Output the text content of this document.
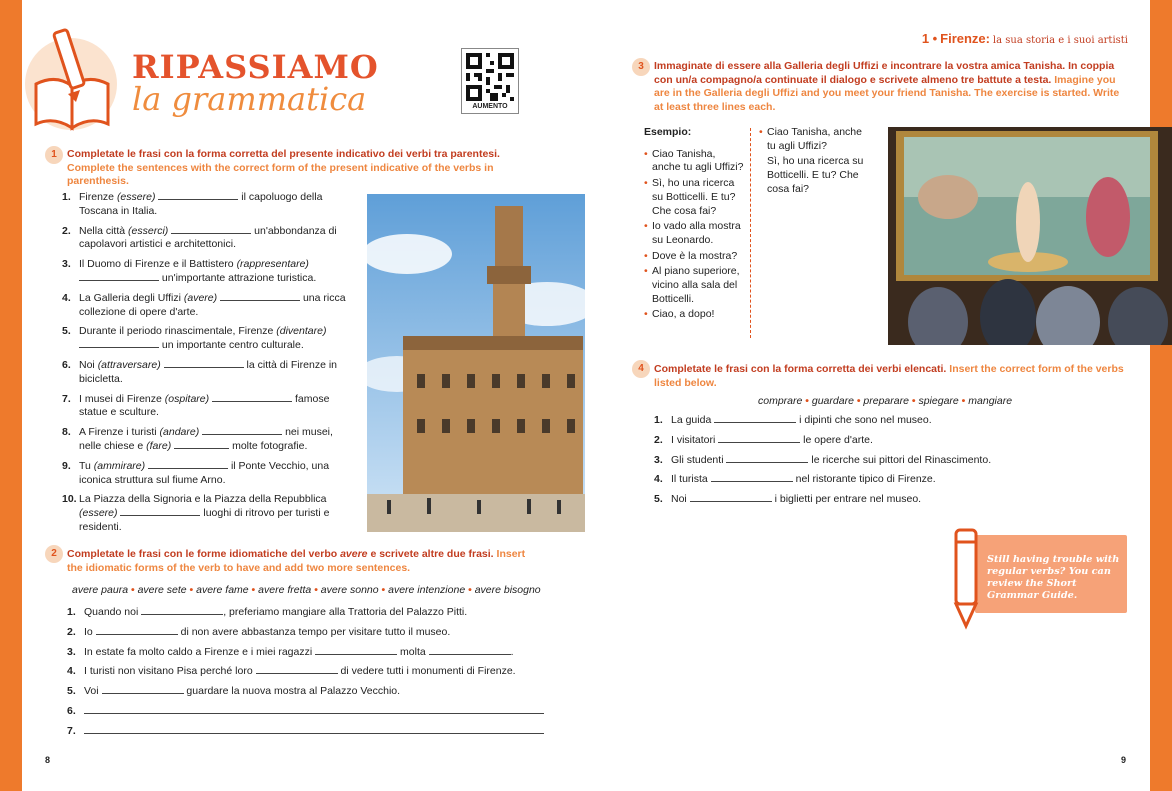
RIPASSIAMO
la grammatica	AUMENTO
1 Completate le frasi con la forma corretta del presente indicativo dei verbi tra parentesi. Complete the sentences with the correct form of the present indicative of the verbs in parenthesis.
1. Firenze (essere)	il capoluogo della Toscana in Italia.
2. Nella città (esserci)	un'abbondanza di capolavori artistici e architettonici.
3. Il Duomo di Firenze e il Battistero (rappresentare)  un'importante attrazione turistica.
4. La Galleria degli Uffizi (avere)	una ricca collezione di opere d'arte.
5. Durante il periodo rinascimentale, Firenze (diventare)  un importante centro culturale.
6. Noi (attraversare)	la città di Firenze in bicicletta.
7. I musei di Firenze (ospitare)	famose statue e sculture.
8. A Firenze i turisti (andare)	nei musei, nelle chiese e (fare)	molte fotografie.
9. Tu (ammirare)	il Ponte Vecchio, una iconica struttura sul fiume Arno.
10. La Piazza della Signoria e la Piazza della Repubblica (essere)	luoghi di ritrovo per turisti e residenti.
2 Completate le frasi con le forme idiomatiche del verbo avere e scrivete altre due frasi. Insert the idiomatic forms of the verb to have and add two more sentences.
avere paura • avere sete • avere fame • avere fretta • avere sonno • avere intenzione • avere bisogno
1. Quando noi	, preferiamo mangiare alla Trattoria del Palazzo Pitti.
2. Io	di non avere abbastanza tempo per visitare tutto il museo.
3. In estate fa molto caldo a Firenze e i miei ragazzi	molta	.
4. I turisti non visitano Pisa perché loro	di vedere tutti i monumenti di Firenze.
5. Voi	guardare la nuova mostra al Palazzo Vecchio.
6.
7.
8
1 • Firenze: la sua storia e i suoi artisti
3 Immaginate di essere alla Galleria degli Uffizi e incontrare la vostra amica Tanisha. In coppia con un/a compagno/a continuate il dialogo e scrivete almeno tre battute a testa. Imagine you are in the Galleria degli Uffizi and you meet your friend Tanisha. The exercise is started. Write at least three lines each.
Esempio:
• Ciao Tanisha, anche tu agli Uffizi?
• Sì, ho una ricerca su Botticelli. E tu? Che cosa fai?
• Io vado alla mostra su Leonardo.
• Dove è la mostra?
• Al piano superiore, vicino alla sala del Botticelli.
• Ciao, a dopo!
• Ciao Tanisha, anche tu agli Uffizi?
Sì, ho una ricerca su Botticelli. E tu? Che cosa fai?
4 Completate le frasi con la forma corretta dei verbi elencati. Insert the correct form of the verbs listed below.
comprare • guardare • preparare • spiegare • mangiare
1. La guida	i dipinti che sono nel museo.
2. I visitatori	le opere d'arte.
3. Gli studenti	le ricerche sui pittori del Rinascimento.
4. Il turista	nel ristorante tipico di Firenze.
5. Noi	i biglietti per entrare nel museo.

Still having trouble with regular verbs? You can review the Short Grammar Guide.

9
